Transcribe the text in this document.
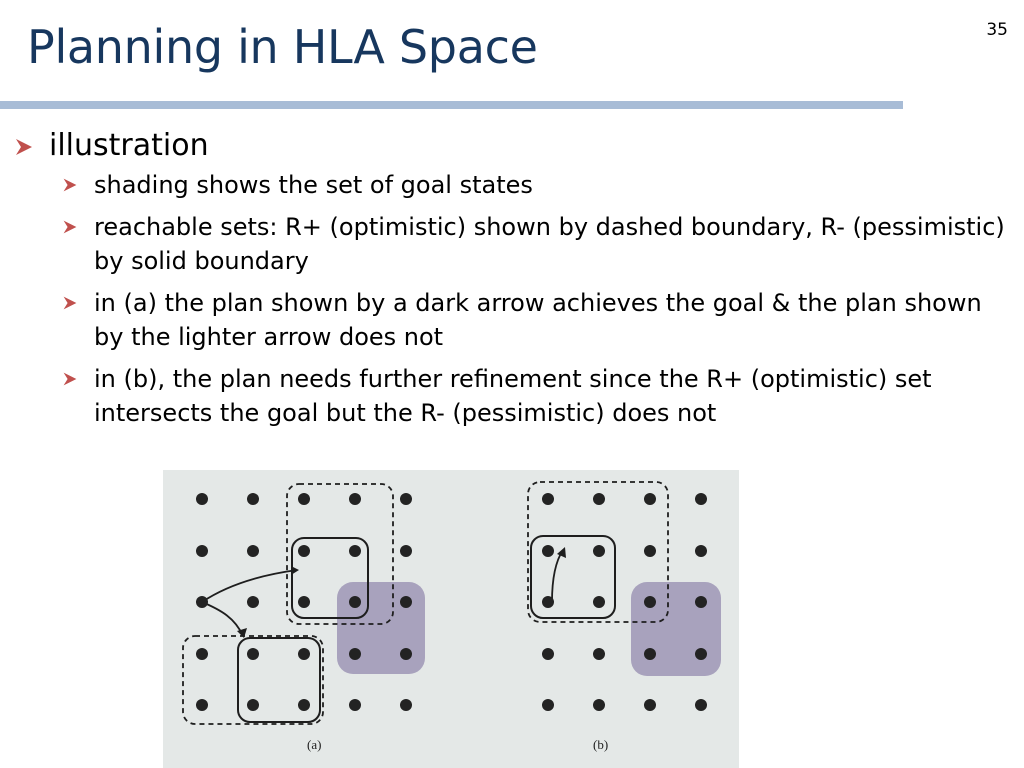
Planning in HLA Space	35
illustration
shading shows the set of goal states
reachable sets: R+ (optimistic) shown by dashed boundary, R- (pessimistic) by solid boundary
in (a) the plan shown by a dark arrow achieves the goal & the plan shown by the lighter arrow does not
in (b), the plan needs further refinement since the R+ (optimistic) set intersects the goal but the R- (pessimistic) does not
(a)	(b)
